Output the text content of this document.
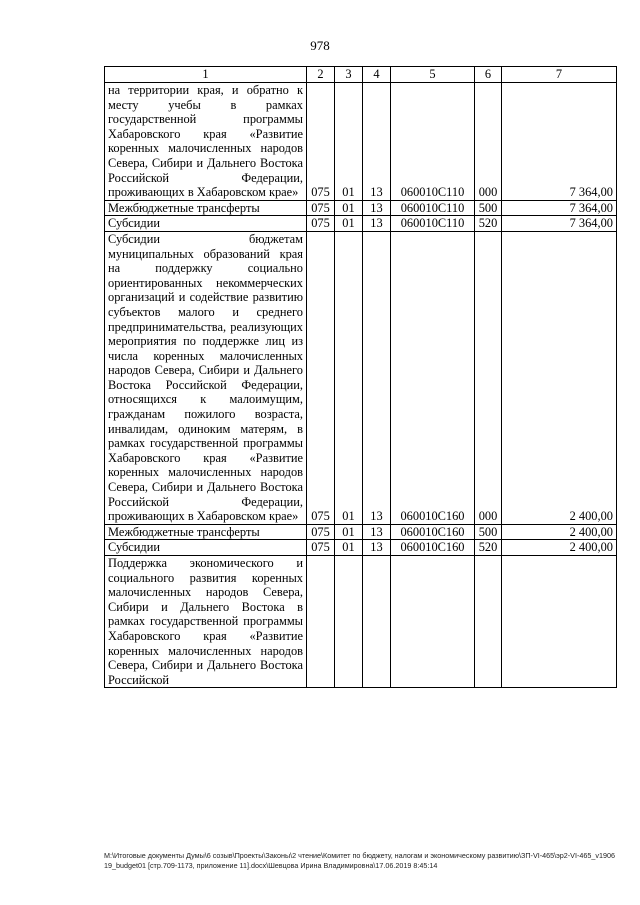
978
1	2	3	4	5	6	7
на территории края, и обратно к месту учебы в рамках государственной программы Хабаровского края «Развитие коренных малочисленных народов Севера, Сибири и Дальнего Востока Российской Федерации, проживающих в Хабаровском крае»	075	01	13	060010С110	000	7 364,00
Межбюджетные трансферты	075	01	13	060010С110	500	7 364,00
Субсидии	075	01	13	060010С110	520	7 364,00
Субсидии бюджетам муниципальных образований края на поддержку социально ориентированных некоммерческих организаций и содействие развитию субъектов малого и среднего предпринимательства, реализующих мероприятия по поддержке лиц из числа коренных малочисленных народов Севера, Сибири и Дальнего Востока Российской Федерации, относящихся к малоимущим, гражданам пожилого возраста, инвалидам, одиноким матерям, в рамках государственной программы Хабаровского края «Развитие коренных малочисленных народов Севера, Сибири и Дальнего Востока Российской Федерации, проживающих в Хабаровском крае»	075	01	13	060010С160	000	2 400,00
Межбюджетные трансферты	075	01	13	060010С160	500	2 400,00
Субсидии	075	01	13	060010С160	520	2 400,00
Поддержка экономического и социального развития коренных малочисленных народов Севера, Сибири и Дальнего Востока в рамках государственной программы Хабаровского края «Развитие коренных малочисленных народов Севера, Сибири и Дальнего Востока Российской						
M:\Итоговые документы Думы\6 созыв\Проекты\Законы\2 чтение\Комитет по бюджету, налогам и экономическому развитию\ЗП-VI-465\эр2-VI-465_v190619_budget01 [стр.709-1173, приложение 11].docx\Шевцова Ирина Владимировна\17.06.2019 8:45:14
